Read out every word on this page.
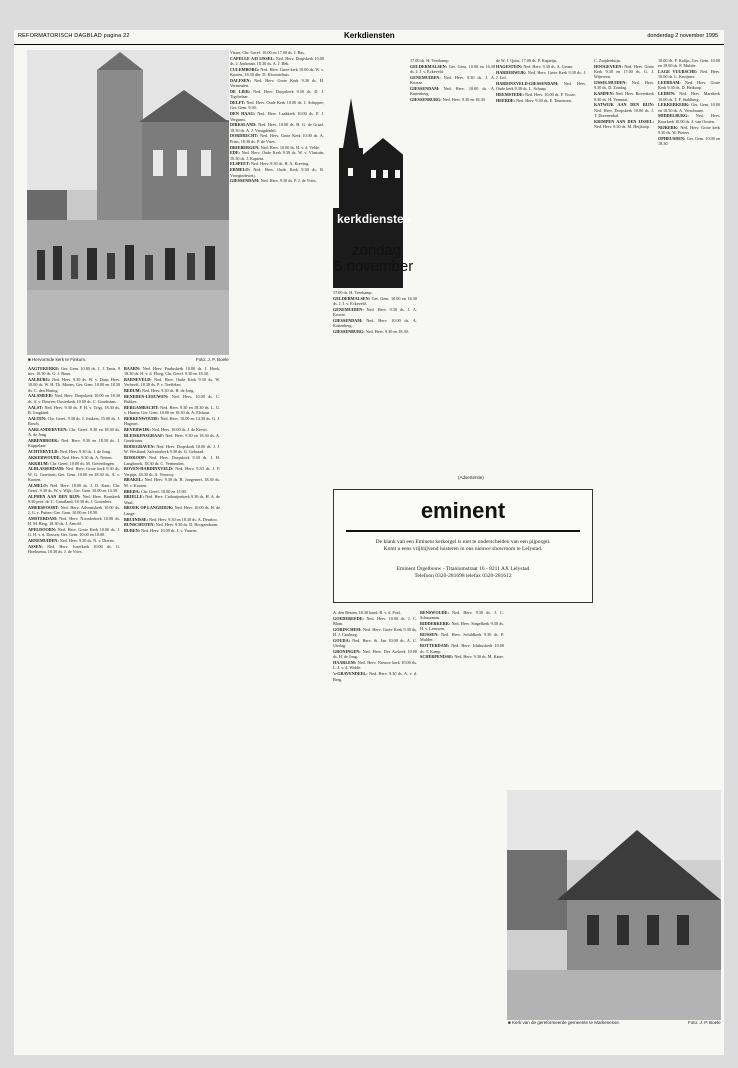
REFORMATORISCH DAGBLAD pagina 22	Kerkdiensten	donderdag 2 november 1995
■ Hervormde kerk te Finkum.	Foto: J. P. Boele
kerkdiensten
zondag
5 november

AAGTEKERKE: Ger. Gem. 10.00 ds. J. J. Tanis, 9 nov. 18.30 ds. G. J. Baan.

AALBURG: Ned. Herv. 9.30 ds. W. v. Dam; Herv. 10.00 ds. W. H. Th. Moens; Ger. Gem. 10.00 en 18.30 ds. C. den Hartog.

AALSMEER: Ned. Herv. Dorpskerk 10.00 en 18.30 ds. S. v. Dooren; Oosterkerk 10.00 ds. C. Goudriaan.

AALST: Ned. Herv. 9.30 ds. P. H. v. Trigt, 18.30 ds. B. Jongkind.

AALTEN: Chr. Geref. 9.30 ds. J. Jonkers, 15.00 ds. J. Bosch.

AARLANDERVEEN: Chr. Geref. 9.30 en 18.30 ds. A. de Jong.

ABBENBROEK: Ned. Herv. 9.30 en 18.30 ds. J. Koppelaar.

ACHTERVELD: Ned. Herv. 9.30 ds. J. de Jong.

AKKERWOUDE: Ned. Herv. 9.30 ds. A. Netten.

AKKRUM: Chr. Geref. 10.00 ds. M. Goverdingen.

ALBLASSERDAM: Ned. Herv. Grote kerk 9.30 ds. W. G. Gerritsen; Ger. Gem. 10.00 en 18.30 ds. A. v. Kooten.

ALMELO: Ned. Herv. 10.00 ds. J. D. Kant; Chr. Geref. 9.30 ds. W. v. Wijk; Ger. Gem. 10.00 en 14.30.

ALPHEN AAN DEN RIJN: Ned. Herv. Bonskerk 9.30 prof. dr. C. Graafland, 18.30 ds. J. Groenleer.

AMERSFOORT: Ned. Herv. Adventskerk 10.00 ds. J. G. v. Putten; Ger. Gem. 10.00 en 18.30.

AMSTERDAM: Ned. Herv. Noorderkerk 10.00 ds. H. M. Berg, 18.30 ds. J. Arnold.

APELDOORN: Ned. Herv. Grote Kerk 10.00 ds. J. G. H. v. d. Dussen; Ger. Gem. 10.00 en 18.00.

ARNEMUIDEN: Ned. Herv. 9.30 ds. N. v. Dieren.

ASSEN: Ned. Herv. Jozefkerk 10.00 ds. G. Hoeksema, 18.30 ds. J. de Vries.

BAARN: Ned. Herv. Pauluskerk 10.00 ds. J. Hoek, 18.30 ds. H. v. d. Ploeg; Chr. Geref. 9.30 en 18.30.

BARNEVELD: Ned. Herv. Oude Kerk 9.30 ds. W. Verhoeff, 18.30 ds. P. v. Teeffelen.

BEDUM: Ned. Herv. 9.30 ds. H. de Jong.

BENEDEN-LEEUWEN: Ned. Herv. 10.00 ds. C. Bakker.

BERGAMBACHT: Ned. Herv. 9.30 en 18.30 ds. L. G. v. Hunen; Ger. Gem. 10.00 en 18.30 ds. A. Elshout.

BERKENWOUDE: Ned. Herv. 10.00 en 14.30 ds. G. J. Hagoort.

BEVERWIJK: Ned. Herv. 10.00 ds. J. de Kievit.

BLEISKENSGRAAF: Ned. Herv. 9.30 en 18.30 ds. A. Goudriaan.

BODEGRAVEN: Ned. Herv. Dorpskerk 10.00 ds. J. J. W. Westland; Salvatorkerk 9.30 ds. G. Gebraad.

BOSKOOP: Ned. Herv. Dorpskerk 9.30 ds. J. H. Langbroek, 18.30 ds. C. Vermeulen.

BOVEN-HARDINXVELD: Ned. Herv. 9.30 ds. J. P. Verpijn, 18.30 ds. A. Vernooy.

BRAKEL: Ned. Herv. 9.30 ds. R. Jongeneel, 18.30 ds. M. v. Kooten.

BREDA: Chr. Geref. 10.00 en 15.00.

BRIELLE: Ned. Herv. Catharijnekerk 9.30 ds. H. A. de Waal.

BROEK OP LANGEDIJK: Ned. Herv. 10.00 ds. H. de Lange.

BRUINISSE: Ned. Herv. 9.30 en 18.30 ds. A. Deurloo.

BUNSCHOTEN: Ned. Herv. 9.30 ds. D. Hoogendoorn.

BUREN: Ned. Herv. 10.00 ds. J. v. Vuuren.

Visser, Chr. Geref. 10.00 en 17.00 ds. J. Bas.

CAPELLE A/D IJSSEL: Ned. Herv. Dorpskerk 10.00 ds. J. Jonkman, 18.30 ds. A. J. Bek.

CULEMBORG: Ned. Herv. Grote kerk 10.00 ds. W. v. Kooten, 18.30 dhr. D. Kloosterhuis.

DALFSEN: Ned. Herv. Grote Kerk 9.30 ds. H. Vermeulen.

DE LIER: Ned. Herv. Dorpskerk 9.30 ds. D. J. Tigchelaar.

DELFT: Ned. Herv. Oude Kerk 10.00 ds. J. Schipper; Ger. Gem. 9.30.

DEN HAAG: Ned. Herv. Laakkerk 10.00 ds. P. J. Vergunst.

DIRKSLAND: Ned. Herv. 10.00 ds. H. G. de Graaf, 18.30 ds. A. J. Vreugdenhil.

DORDRECHT: Ned. Herv. Grote Kerk 10.00 ds. A. Prins, 18.30 ds. P. de Vries.

DRIEBERGEN: Ned. Herv. 10.00 ds. H. v. d. Velde.

EDE: Ned. Herv. Oude Kerk 9.30 ds. W. v. Vlastuin, 18.30 ds. J. Kaptein.

ELSPEET: Ned. Herv. 9.30 ds. H. A. Korving.

ERMELO: Ned. Herv. Oude Kerk 9.30 ds. R. Vroegindeweij.

GIESSENDAM: Ned. Herv. 9.30 ds. P. J. de Vries.

17.00 ds. H. Vreekamp.

GELDERMALSEN: Ger. Gem. 10.00 en 16.30 ds. J. J. v. Eckeveld.

GENEMUIDEN: Ned. Herv. 9.30 ds. J. A. Kroeze.

GIESSENDAM: Ned. Herv. 10.00 ds. A. Kattenberg.

GIESSENBURG: Ned. Herv. 9.30 en 18.30.

17.00 ds. H. Vreekamp.

GELDERMALSEN: Ger. Gem. 10.00 en 16.30 ds. J. J. v. Eckeveld.

GENEMUIDEN: Ned. Herv. 9.30 ds. J. A. Kroeze.

GIESSENDAM: Ned. Herv. 10.00 ds. A. Kattenberg.

GIESSENBURG: Ned. Herv. 9.30 en 18.30.

(Advertentie)
eminent
De klank van een Eminent kerkorgel is niet te onderscheiden van een pijporgel.
Komt u eens vrijblijvend luisteren in ons nieuwe showroom te Lelystad.
Eminent Orgelbouw - Titaniumstraat 16 - 8211 AX Lelystad
Telefoon 0320-281698 telefax 0320-281612

A. den Besten, 18.30 kand. B. v. d. Poel.

GOEDEREEDE: Ned. Herv. 10.00 ds. J. C. Blom.

GORINCHEM: Ned. Herv. Grote Kerk 9.30 ds. H. J. Catsburg.

GOUDA: Ned. Herv. St. Jan 10.00 ds. A. C. Uitslag.

GRONINGEN: Ned. Herv. Der Aa-kerk 10.00 ds. H. de Jong.

HAARLEM: Ned. Herv. Nieuwe kerk 10.00 ds. L. J. v. d. Wolde.

's-GRAVENDEEL: Ned. Herv. 9.30 ds. A. v. d. Berg.

RENSWOUDE: Ned. Herv. 9.30 ds. J. C. Schuurman.

RIDDERKERK: Ned. Herv. Singelkerk 9.30 ds. H. v. Leeuwen.

RIJSSEN: Ned. Herv. Schildkerk 9.30 ds. P. Mulder.

ROTTERDAM: Ned. Herv. Ichthuskerk 10.00 ds. T. Kamp.

SCHERPENISSE: Ned. Herv. 9.30 ds. M. Kater.

de W. J. Quist, 17.00 ds. P. Kapteijn.

HAGESTEIN: Ned. Herv. 9.30 ds. A. Geuze.

HARDERWIJK: Ned. Herv. Grote Kerk 9.30 ds. J. J. Lof.

HARDINXVELD-GIESSENDAM: Ned. Herv. Oude kerk 9.30 ds. L. Schaap.

HEEMSTEDE: Ned. Herv. 10.00 ds. P. Visser.

HEERDE: Ned. Herv. 9.30 ds. E. Teunissen.

C. Zuijderduijn.

HOOGEVEEN: Ned. Herv. Grote Kerk 9.30 en 17.00 ds. G. J. Wijnveen.

IJSSELMUIDEN: Ned. Herv. 9.30 ds. D. Zondag.

KAMPEN: Ned. Herv. Bovenkerk 9.30 ds. H. Vermaat.

KATWIJK AAN DEN RIJN: Ned. Herv. Dorpskerk 10.00 ds. J. T. Doornenbal.

KRIMPEN AAN DEN IJSSEL: Ned. Herv. 9.30 ds. M. Heijkoop.

10.00 ds. P. Kolijn, Ger. Gem. 10.00 en 18.00 ds. F. Mulder.

LAGE VUURSCHE: Ned. Herv. 10.00 ds. L. Kruijmer.

LEERDAM: Ned. Herv. Grote Kerk 9.30 ds. D. Heikoop.

LEIDEN: Ned. Herv. Marekerk 10.00 ds. T. F. Stahlberg.

LEKKERKERK: Ger. Gem. 10.00 en 18.30 ds. A. Verschuure.

MIDDELBURG: Ned. Herv. Koorkerk 10.00 ds. J. van Oosten.

NIJKERK: Ned. Herv. Grote kerk 9.30 ds. W. Pieters.

OPHEUSDEN: Ger. Gem. 10.00 en 18.30.

■ Kerk van de gereformeerde gemeente te Markenesse.	Foto: J. P. Boele
